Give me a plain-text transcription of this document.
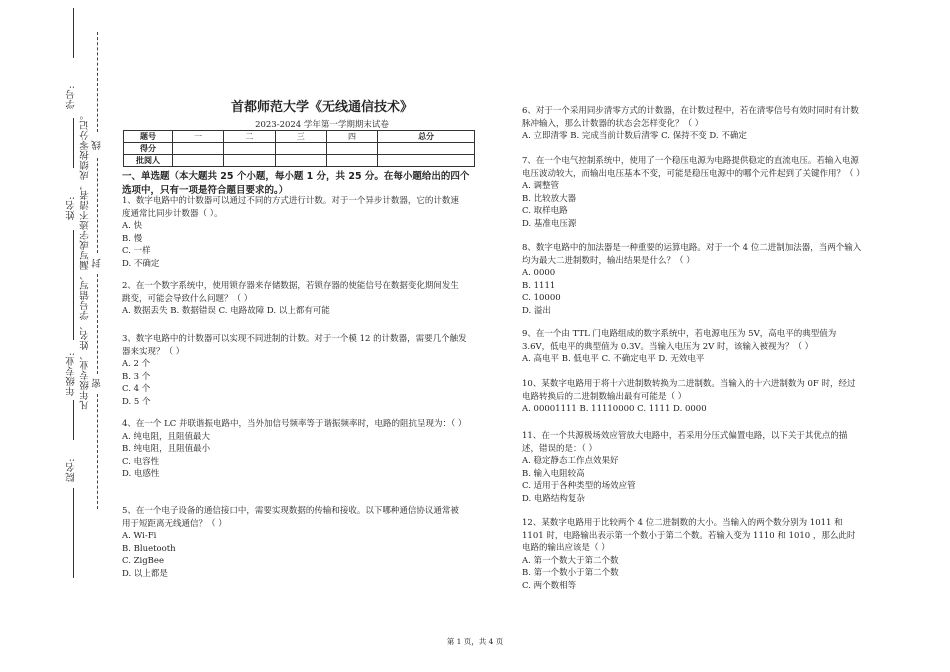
学号:
姓名:
年级专业:
院名:
凡年级专业、姓名、学号错写、漏写或字迹不清者，成绩按零分记。 线
封
密
首都师范大学《无线通信技术》
2023-2024 学年第一学期期末试卷
题号	一	二	三	四	总分
得分					
批阅人					
一、单选题（本大题共 25 个小题，每小题 1 分，共 25 分。在每小题给出的四个选项中，只有一项是符合题目要求的。）

1、数字电路中的计数器可以通过不同的方式进行计数。对于一个异步计数器，它的计数速度通常比同步计数器（ ）。

A. 快

B. 慢

C. 一样

D. 不确定

2、在一个数字系统中，使用锁存器来存储数据，若锁存器的使能信号在数据变化期间发生跳变，可能会导致什么问题？（ ）

A. 数据丢失 B. 数据错误 C. 电路故障 D. 以上都有可能

3、数字电路中的计数器可以实现不同进制的计数。对于一个模 12 的计数器，需要几个触发器来实现？（ ）

A. 2 个

B. 3 个

C. 4 个

D. 5 个

4、在一个 LC 并联谐振电路中，当外加信号频率等于谐振频率时，电路的阻抗呈现为：（ ）

A. 纯电阻，且阻值最大

B. 纯电阻，且阻值最小

C. 电容性

D. 电感性

5、在一个电子设备的通信接口中，需要实现数据的传输和接收。以下哪种通信协议通常被用于短距离无线通信？（ ）

A. Wi-Fi

B. Bluetooth

C. ZigBee

D. 以上都是

6、对于一个采用同步清零方式的计数器，在计数过程中，若在清零信号有效时同时有计数脉冲输入，那么计数器的状态会怎样变化？（ ）

A. 立即清零 B. 完成当前计数后清零 C. 保持不变 D. 不确定

7、在一个电气控制系统中，使用了一个稳压电源为电路提供稳定的直流电压。若输入电源电压波动较大，而输出电压基本不变，可能是稳压电源中的哪个元件起到了关键作用？（ ）

A. 调整管

B. 比较放大器

C. 取样电路

D. 基准电压源

8、数字电路中的加法器是一种重要的运算电路。对于一个 4 位二进制加法器，当两个输入均为最大二进制数时，输出结果是什么？（ ）

A. 0000

B. 1111

C. 10000

D. 溢出

9、在一个由 TTL 门电路组成的数字系统中，若电源电压为 5V，高电平的典型值为 3.6V，低电平的典型值为 0.3V。当输入电压为 2V 时，该输入被视为？（ ）

A. 高电平 B. 低电平 C. 不确定电平 D. 无效电平

10、某数字电路用于将十六进制数转换为二进制数。当输入的十六进制数为 0F 时，经过电路转换后的二进制数输出最有可能是（ ）

A. 00001111 B. 11110000 C. 1111 D. 0000

11、在一个共源极场效应管放大电路中，若采用分压式偏置电路，以下关于其优点的描述，错误的是：（ ）

A. 稳定静态工作点效果好

B. 输入电阻较高

C. 适用于各种类型的场效应管

D. 电路结构复杂

12、某数字电路用于比较两个 4 位二进制数的大小。当输入的两个数分别为 1011 和 1101 时，电路输出表示第一个数小于第二个数。若输入变为 1110 和 1010 ，那么此时电路的输出应该是（ ）

A. 第一个数大于第二个数

B. 第一个数小于第二个数

C. 两个数相等

第 1 页，共 4 页
